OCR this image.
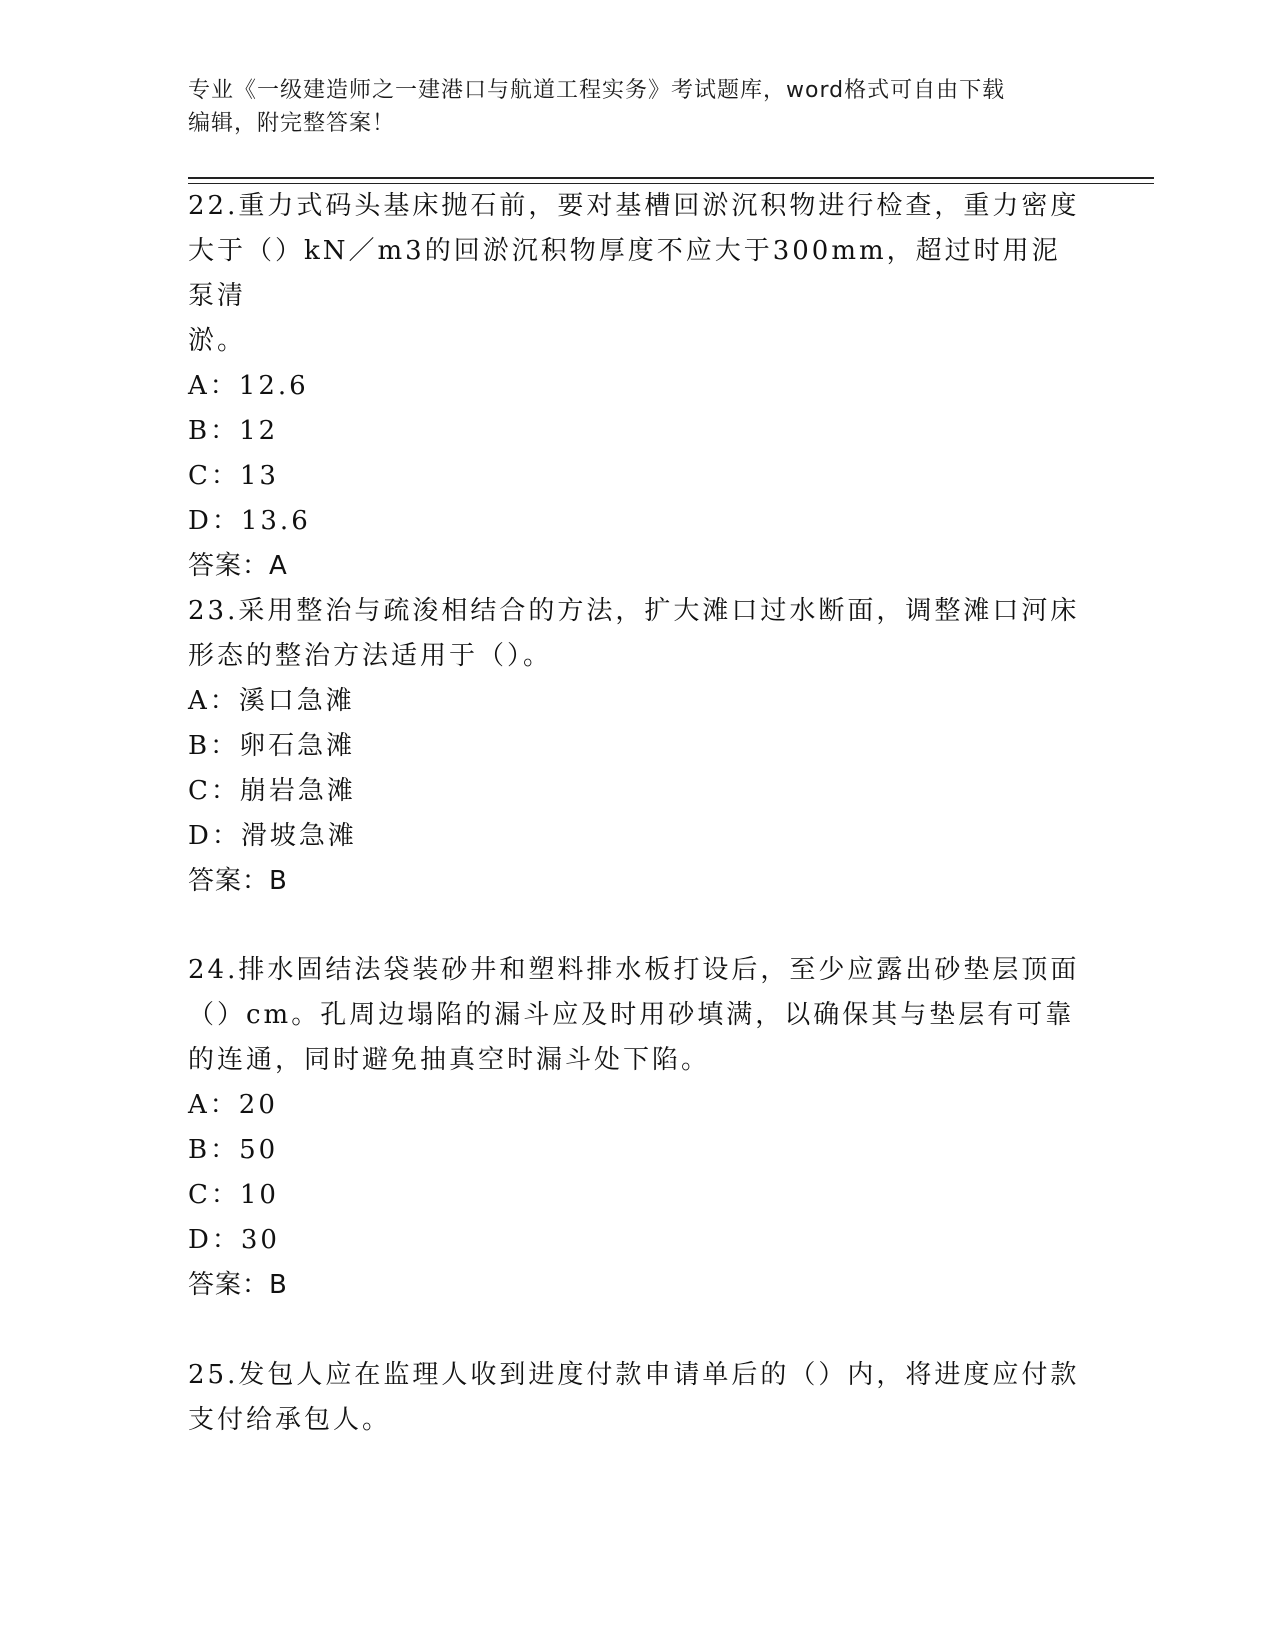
专业《一级建造师之一建港口与航道工程实务》考试题库，word格式可自由下载
编辑，附完整答案！

22.重力式码头基床抛石前，要对基槽回淤沉积物进行检查，重力密度

大于（）kN／m3的回淤沉积物厚度不应大于300mm，超过时用泥泵清

淤。

A：12.6

B：12

C：13

D：13.6

答案：A

23.采用整治与疏浚相结合的方法，扩大滩口过水断面，调整滩口河床

形态的整治方法适用于（）。

A：溪口急滩

B：卵石急滩

C：崩岩急滩

D：滑坡急滩

答案：B

24.排水固结法袋装砂井和塑料排水板打设后，至少应露出砂垫层顶面

（）cm。孔周边塌陷的漏斗应及时用砂填满，以确保其与垫层有可靠

的连通，同时避免抽真空时漏斗处下陷。

A：20

B：50

C：10

D：30

答案：B

25.发包人应在监理人收到进度付款申请单后的（）内，将进度应付款

支付给承包人。
